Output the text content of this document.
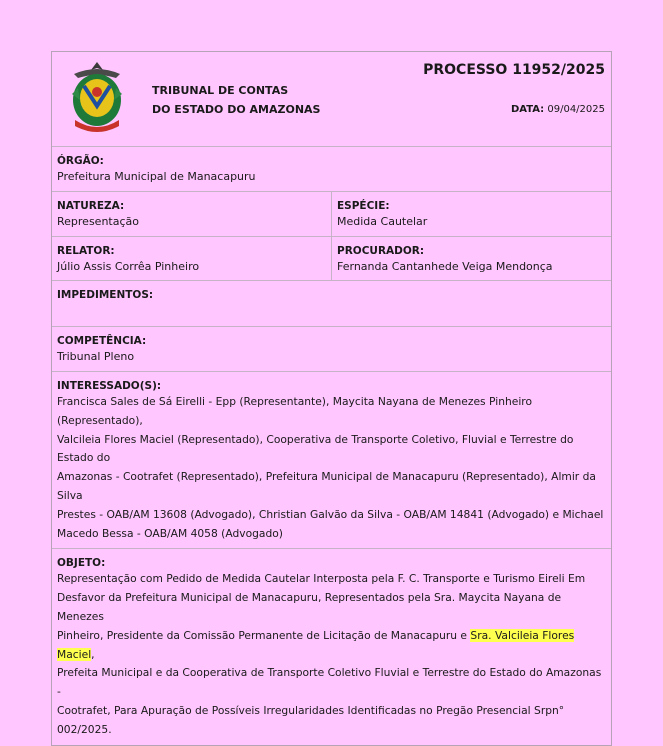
TRIBUNAL DE CONTAS
DO ESTADO DO AMAZONAS
PROCESSO 11952/2025
DATA: 09/04/2025
ÓRGÃO:
Prefeitura Municipal de Manacapuru
NATUREZA:
Representação
ESPÉCIE:
Medida Cautelar
RELATOR:
Júlio Assis Corrêa Pinheiro
PROCURADOR:
Fernanda Cantanhede Veiga Mendonça
IMPEDIMENTOS:
COMPETÊNCIA:
Tribunal Pleno
INTERESSADO(S):
Francisca Sales de Sá Eirelli - Epp (Representante), Maycita Nayana de Menezes Pinheiro (Representado),
Valcileia Flores Maciel (Representado), Cooperativa de Transporte Coletivo, Fluvial e Terrestre do Estado do
Amazonas - Cootrafet (Representado), Prefeitura Municipal de Manacapuru (Representado), Almir da Silva
Prestes - OAB/AM 13608 (Advogado), Christian Galvão da Silva - OAB/AM 14841 (Advogado) e Michael
Macedo Bessa - OAB/AM 4058 (Advogado)
OBJETO:
Representação com Pedido de Medida Cautelar Interposta pela F. C. Transporte e Turismo Eireli Em
Desfavor da Prefeitura Municipal de Manacapuru, Representados pela Sra. Maycita Nayana de Menezes
Pinheiro, Presidente da Comissão Permanente de Licitação de Manacapuru e Sra. Valcileia Flores Maciel,
Prefeita Municipal e da Cooperativa de Transporte Coletivo Fluvial e Terrestre do Estado do Amazonas -
Cootrafet, Para Apuração de Possíveis Irregularidades Identificadas no Pregão Presencial Srpn° 002/2025.
